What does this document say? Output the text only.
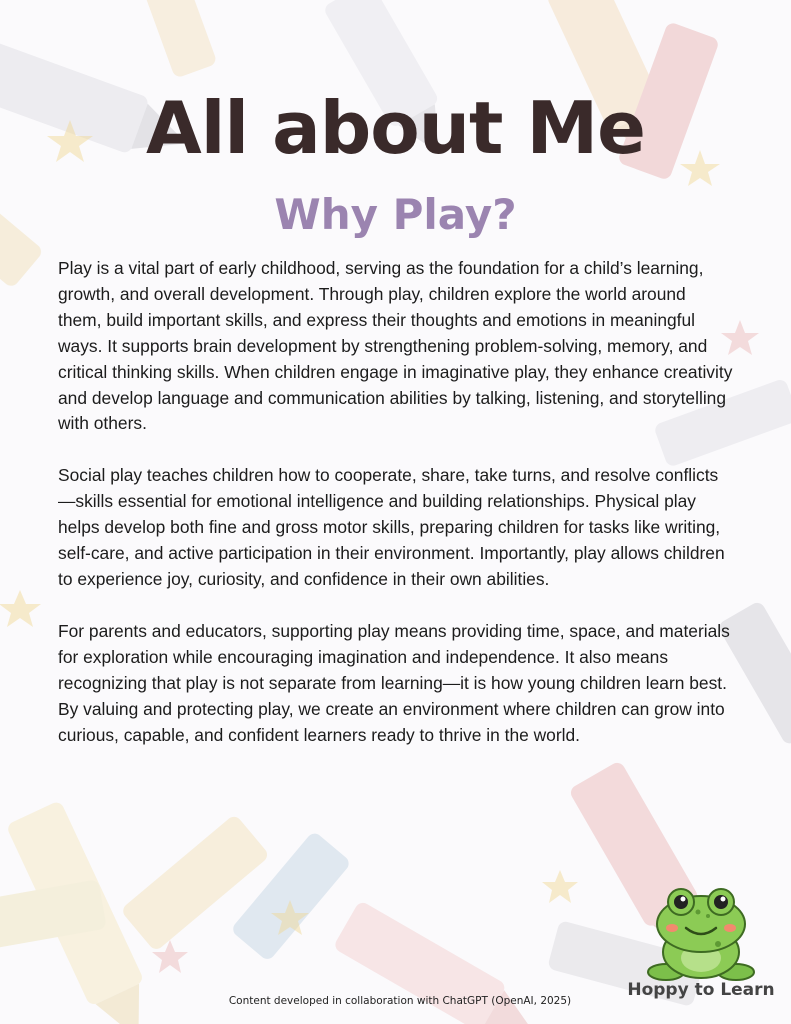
All about Me
Why Play?

Play is a vital part of early childhood, serving as the foundation for a child’s learning, growth, and overall development. Through play, children explore the world around them, build important skills, and express their thoughts and emotions in meaningful ways. It supports brain development by strengthening problem-solving, memory, and critical thinking skills. When children engage in imaginative play, they enhance creativity and develop language and communication abilities by talking, listening, and storytelling with others.

Social play teaches children how to cooperate, share, take turns, and resolve conflicts—skills essential for emotional intelligence and building relationships. Physical play helps develop both fine and gross motor skills, preparing children for tasks like writing, self-care, and active participation in their environment. Importantly, play allows children to experience joy, curiosity, and confidence in their own abilities.

For parents and educators, supporting play means providing time, space, and materials for exploration while encouraging imagination and independence. It also means recognizing that play is not separate from learning—it is how young children learn best. By valuing and protecting play, we create an environment where children can grow into curious, capable, and confident learners ready to thrive in the world.

Hoppy to Learn
Content developed in collaboration with ChatGPT (OpenAI, 2025)
